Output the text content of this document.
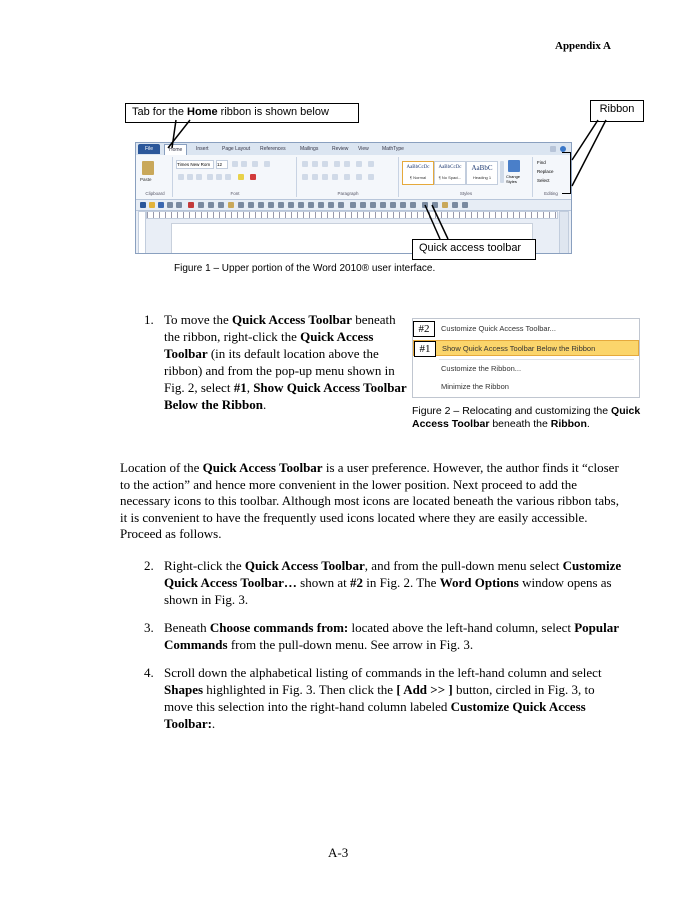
Appendix A
File	Home	Insert	Page Layout References	Mailings	Review View	MathType
Paste
Clipboard
Times New Rom	12
Font	Paragraph
AaBbCcDc
¶ Normal
AaBbCcDc
¶ No Spaci...
AaBbC
Heading 1	Change Styles
Styles
Find
Replace
Select
Editing
Tab for the Home ribbon is shown below	Ribbon
Quick access toolbar
Figure 1 – Upper portion of the Word 2010® user interface.
1. To move the Quick Access Toolbar beneath the ribbon, right-click the Quick Access Toolbar (in its default location above the ribbon) and from the pop-up menu shown in Fig. 2, select #1, Show Quick Access Toolbar Below the Ribbon.
#2	Customize Quick Access Toolbar...
#1	Show Quick Access Toolbar Below the Ribbon
Customize the Ribbon...
Minimize the Ribbon
Figure 2 – Relocating and customizing the Quick Access Toolbar beneath the Ribbon.
Location of the Quick Access Toolbar is a user preference. However, the author finds it “closer to the action” and hence more convenient in the lower position. Next proceed to add the necessary icons to this toolbar. Although most icons are located beneath the various ribbon tabs, it is convenient to have the frequently used icons located where they are easily accessible. Proceed as follows.
2. Right-click the Quick Access Toolbar, and from the pull-down menu select Customize Quick Access Toolbar… shown at #2 in Fig. 2. The Word Options window opens as shown in Fig. 3.
3. Beneath Choose commands from: located above the left-hand column, select Popular Commands from the pull-down menu. See arrow in Fig. 3.
4. Scroll down the alphabetical listing of commands in the left-hand column and select Shapes highlighted in Fig. 3. Then click the [ Add >> ] button, circled in Fig. 3, to move this selection into the right-hand column labeled Customize Quick Access Toolbar:.
A-3
